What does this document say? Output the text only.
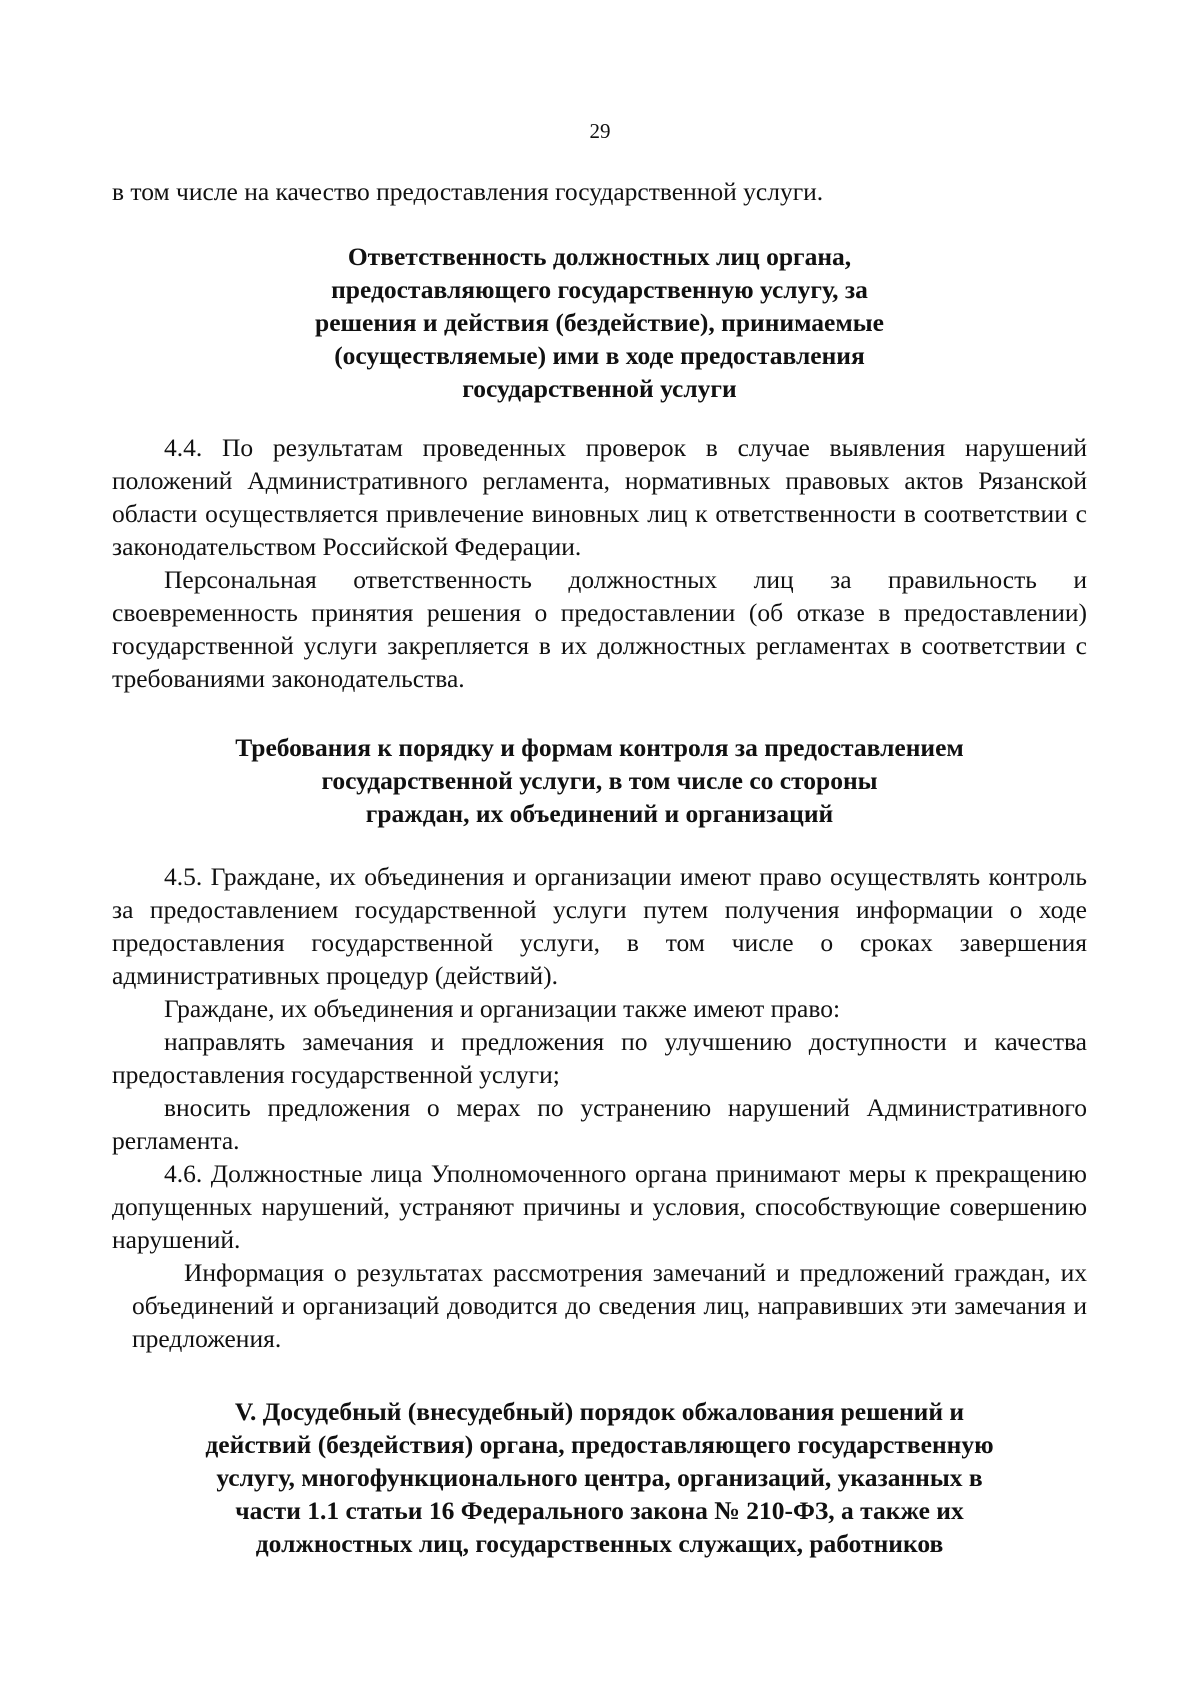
29

в том числе на качество предоставления государственной услуги.

Ответственность должностных лиц органа,
предоставляющего государственную услугу, за
решения и действия (бездействие), принимаемые
(осуществляемые) ими в ходе предоставления
государственной услуги

4.4. По результатам проведенных проверок в случае выявления нарушений положений Административного регламента, нормативных правовых актов Рязанской области осуществляется привлечение виновных лиц к ответственности в соответствии с законодательством Российской Федерации.

Персональная ответственность должностных лиц за правильность и своевременность принятия решения о предоставлении (об отказе в предоставлении) государственной услуги закрепляется в их должностных регламентах в соответствии с требованиями законодательства.

Требования к порядку и формам контроля за предоставлением
государственной услуги, в том числе со стороны
граждан, их объединений и организаций

4.5. Граждане, их объединения и организации имеют право осуществлять контроль за предоставлением государственной услуги путем получения информации о ходе предоставления государственной услуги, в том числе о сроках завершения административных процедур (действий).

Граждане, их объединения и организации также имеют право:

направлять замечания и предложения по улучшению доступности и качества предоставления государственной услуги;

вносить предложения о мерах по устранению нарушений Административного регламента.

4.6. Должностные лица Уполномоченного органа принимают меры к прекращению допущенных нарушений, устраняют причины и условия, способствующие совершению нарушений.

Информация о результатах рассмотрения замечаний и предложений граждан, их объединений и организаций доводится до сведения лиц, направивших эти замечания и предложения.

V. Досудебный (внесудебный) порядок обжалования решений и
действий (бездействия) органа, предоставляющего государственную
услугу, многофункционального центра, организаций, указанных в
части 1.1 статьи 16 Федерального закона № 210-ФЗ, а также их
должностных лиц, государственных служащих, работников
